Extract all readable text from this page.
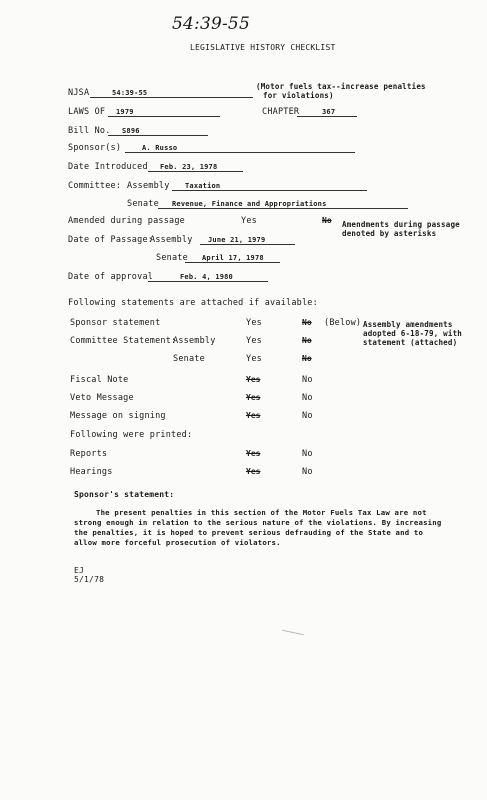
54:39-55
LEGISLATIVE HISTORY CHECKLIST
NJSA	54:39-55
(Motor fuels tax--increase penalties
for violations)
LAWS OF 1979	CHAPTER	367
Bill No. S896
Sponsor(s)	A. Russo
Date Introduced Feb. 23, 1978
Committee: Assembly Taxation
Senate Revenue, Finance and Appropriations
Amended during passage	Yes	No Amendments during passage
denoted by asterisks
Date of Passage:
Assembly June 21, 1979
Senate April 17, 1978
Date of approval	Feb. 4, 1980
Following statements are attached if available:
Sponsor statement	Yes	No (Below)
Committee Statement:
Assembly	Yes	No
Senate	Yes	No
Assembly amendments
adopted 6-18-79, with
statement (attached)
Fiscal Note	Yes	No
Veto Message	Yes	No
Message on signing	Yes	No
Following were printed:
Reports	Yes	No
Hearings	Yes	No
Sponsor's statement:
The present penalties in this section of the Motor Fuels Tax Law are not
strong enough in relation to the serious nature of the violations. By increasing
the penalties, it is hoped to prevent serious defrauding of the State and to
allow more forceful prosecution of violators.
EJ
5/1/78
